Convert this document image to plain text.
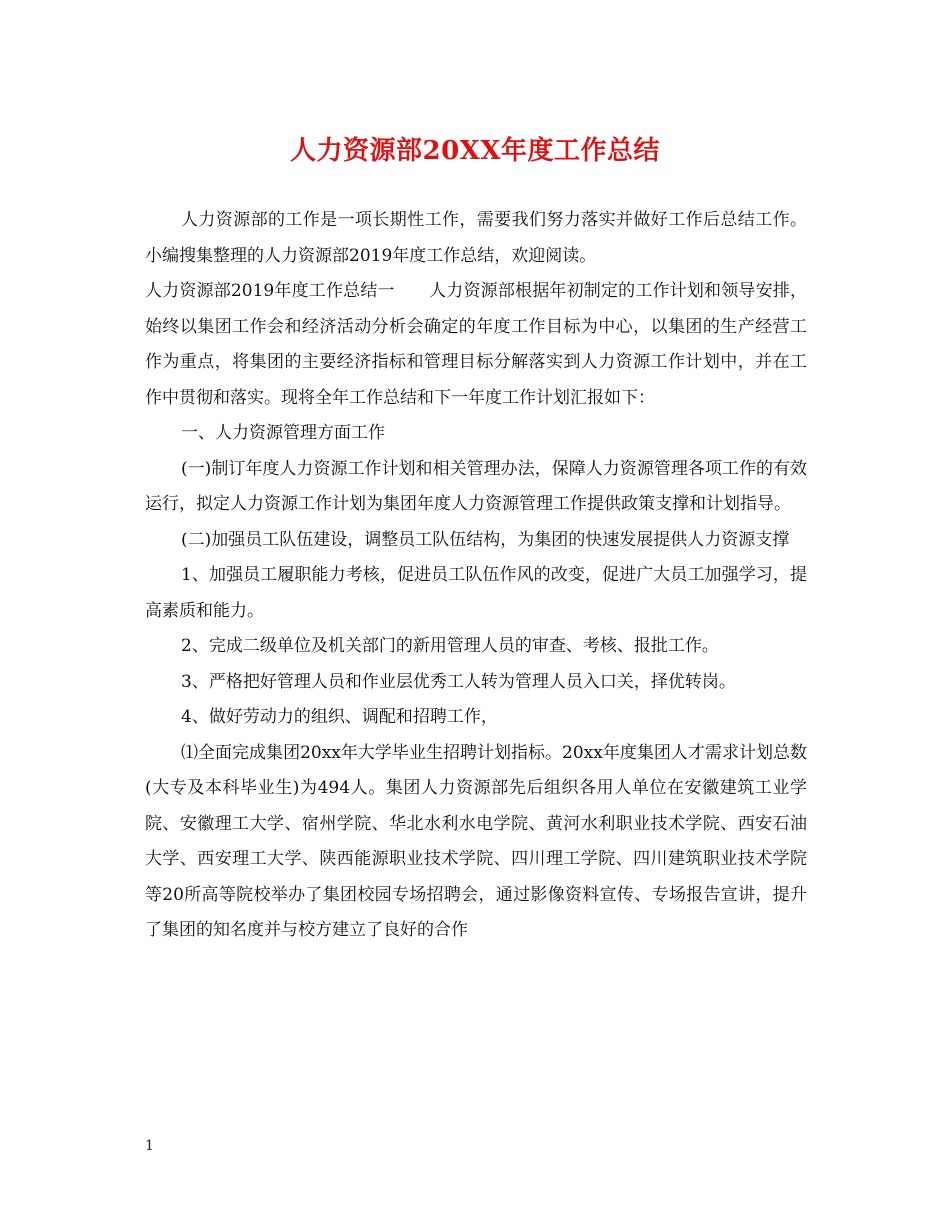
人力资源部20XX年度工作总结

人力资源部的工作是一项长期性工作，需要我们努力落实并做好工作后总结工作。小编搜集整理的人力资源部2019年度工作总结，欢迎阅读。

人力资源部2019年度工作总结一　　人力资源部根据年初制定的工作计划和领导安排，始终以集团工作会和经济活动分析会确定的年度工作目标为中心，以集团的生产经营工作为重点，将集团的主要经济指标和管理目标分解落实到人力资源工作计划中，并在工作中贯彻和落实。现将全年工作总结和下一年度工作计划汇报如下：

一、人力资源管理方面工作

(一)制订年度人力资源工作计划和相关管理办法，保障人力资源管理各项工作的有效运行，拟定人力资源工作计划为集团年度人力资源管理工作提供政策支撑和计划指导。

(二)加强员工队伍建设，调整员工队伍结构，为集团的快速发展提供人力资源支撑

1、加强员工履职能力考核，促进员工队伍作风的改变，促进广大员工加强学习，提高素质和能力。

2、完成二级单位及机关部门的新用管理人员的审查、考核、报批工作。

3、严格把好管理人员和作业层优秀工人转为管理人员入口关，择优转岗。

4、做好劳动力的组织、调配和招聘工作，

⑴全面完成集团20xx年大学毕业生招聘计划指标。20xx年度集团人才需求计划总数(大专及本科毕业生)为494人。集团人力资源部先后组织各用人单位在安徽建筑工业学院、安徽理工大学、宿州学院、华北水利水电学院、黄河水利职业技术学院、西安石油大学、西安理工大学、陕西能源职业技术学院、四川理工学院、四川建筑职业技术学院等20所高等院校举办了集团校园专场招聘会，通过影像资料宣传、专场报告宣讲，提升了集团的知名度并与校方建立了良好的合作

1
